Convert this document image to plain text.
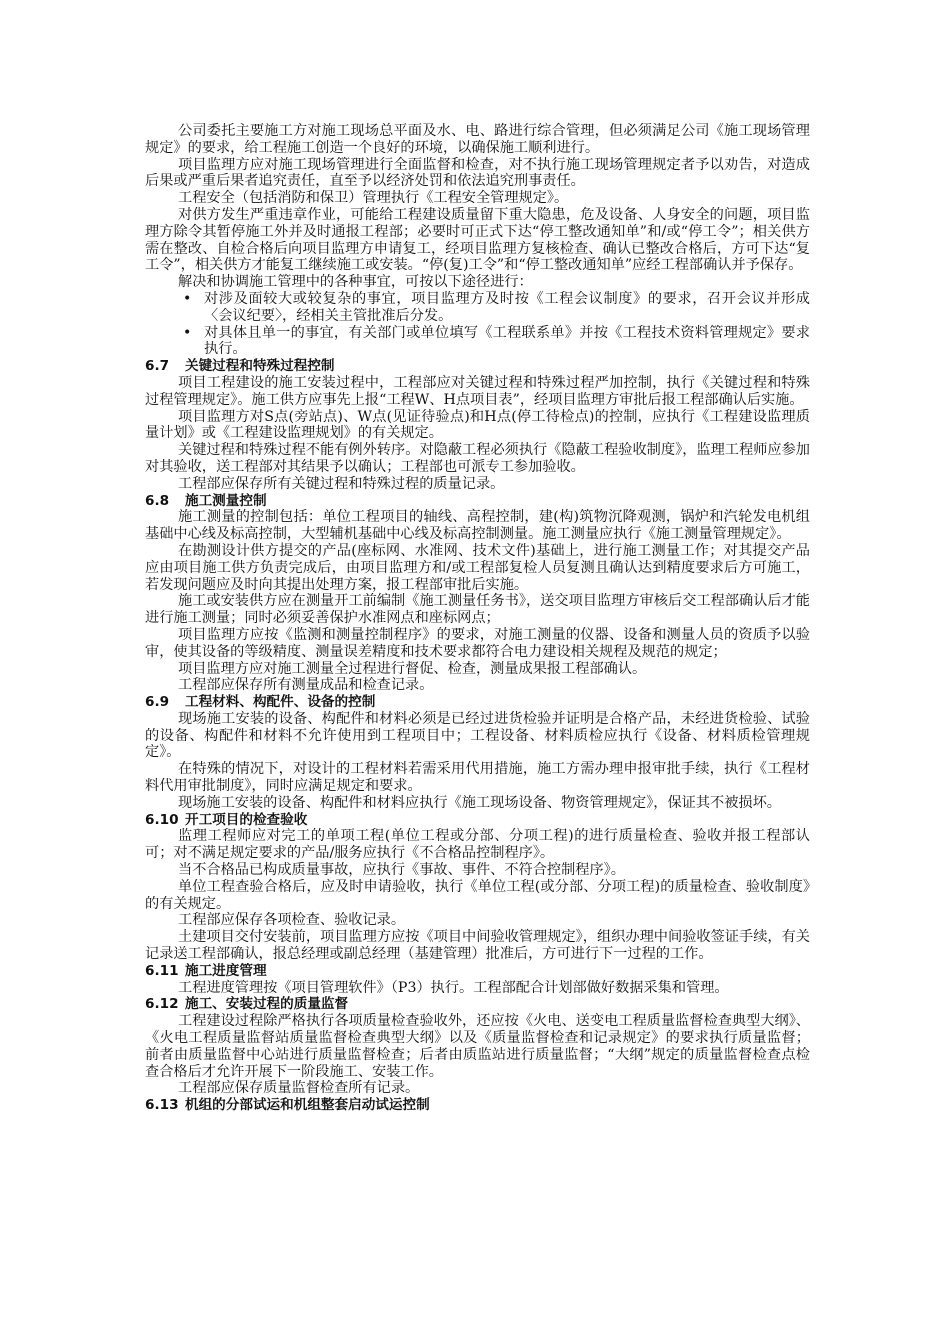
公司委托主要施工方对施工现场总平面及水、电、路进行综合管理，但必须满足公司《施工现场管理规定》的要求，给工程施工创造一个良好的环境，以确保施工顺利进行。

项目监理方应对施工现场管理进行全面监督和检查，对不执行施工现场管理规定者予以劝告，对造成后果或严重后果者追究责任，直至予以经济处罚和依法追究刑事责任。

工程安全（包括消防和保卫）管理执行《工程安全管理规定》。

对供方发生严重违章作业，可能给工程建设质量留下重大隐患，危及设备、人身安全的问题，项目监理方除令其暂停施工外并及时通报工程部；必要时可正式下达“停工整改通知单”和/或“停工令”；相关供方需在整改、自检合格后向项目监理方申请复工，经项目监理方复核检查、确认已整改合格后，方可下达“复工令”，相关供方才能复工继续施工或安装。“停(复)工令”和“停工整改通知单”应经工程部确认并予保存。

解决和协调施工管理中的各种事宜，可按以下途径进行：

• 对涉及面较大或较复杂的事宜，项目监理方及时按《工程会议制度》的要求，召开会议并形成〈会议纪要〉，经相关主管批准后分发。

• 对具体且单一的事宜，有关部门或单位填写《工程联系单》并按《工程技术资料管理规定》要求执行。

6.7 关键过程和特殊过程控制

项目工程建设的施工安装过程中，工程部应对关键过程和特殊过程严加控制，执行《关键过程和特殊过程管理规定》。施工供方应事先上报“工程W、H点项目表”，经项目监理方审批后报工程部确认后实施。

项目监理方对S点(旁站点)、W点(见证待验点)和H点(停工待检点)的控制，应执行《工程建设监理质量计划》或《工程建设监理规划》的有关规定。

关键过程和特殊过程不能有例外转序。对隐蔽工程必须执行《隐蔽工程验收制度》，监理工程师应参加对其验收，送工程部对其结果予以确认；工程部也可派专工参加验收。

工程部应保存所有关键过程和特殊过程的质量记录。

6.8 施工测量控制

施工测量的控制包括：单位工程项目的轴线、高程控制，建(构)筑物沉降观测，锅炉和汽轮发电机组基础中心线及标高控制，大型辅机基础中心线及标高控制测量。施工测量应执行《施工测量管理规定》。

在勘测设计供方提交的产品(座标网、水准网、技术文件)基础上，进行施工测量工作；对其提交产品应由项目施工供方负责完成后，由项目监理方和/或工程部复检人员复测且确认达到精度要求后方可施工，若发现问题应及时向其提出处理方案，报工程部审批后实施。

施工或安装供方应在测量开工前编制《施工测量任务书》，送交项目监理方审核后交工程部确认后才能进行施工测量；同时必须妥善保护水准网点和座标网点；

项目监理方应按《监测和测量控制程序》的要求，对施工测量的仪器、设备和测量人员的资质予以验审，使其设备的等级精度、测量误差精度和技术要求都符合电力建设相关规程及规范的规定；

项目监理方应对施工测量全过程进行督促、检查，测量成果报工程部确认。

工程部应保存所有测量成品和检查记录。

6.9 工程材料、构配件、设备的控制

现场施工安装的设备、构配件和材料必须是已经过进货检验并证明是合格产品，未经进货检验、试验的设备、构配件和材料不允许使用到工程项目中；工程设备、材料质检应执行《设备、材料质检管理规定》。

在特殊的情况下，对设计的工程材料若需采用代用措施，施工方需办理申报审批手续，执行《工程材料代用审批制度》，同时应满足规定和要求。

现场施工安装的设备、构配件和材料应执行《施工现场设备、物资管理规定》，保证其不被损坏。

6.10 开工项目的检查验收

监理工程师应对完工的单项工程(单位工程或分部、分项工程)的进行质量检查、验收并报工程部认可；对不满足规定要求的产品/服务应执行《不合格品控制程序》。

当不合格品已构成质量事故，应执行《事故、事件、不符合控制程序》。

单位工程查验合格后，应及时申请验收，执行《单位工程(或分部、分项工程)的质量检查、验收制度》的有关规定。

工程部应保存各项检查、验收记录。

土建项目交付安装前，项目监理方应按《项目中间验收管理规定》，组织办理中间验收签证手续，有关记录送工程部确认，报总经理或副总经理（基建管理）批准后，方可进行下一过程的工作。

6.11 施工进度管理

工程进度管理按《项目管理软件》（P3）执行。工程部配合计划部做好数据采集和管理。

6.12 施工、安装过程的质量监督

工程建设过程除严格执行各项质量检查验收外，还应按《火电、送变电工程质量监督检查典型大纲》、《火电工程质量监督站质量监督检查典型大纲》以及《质量监督检查和记录规定》的要求执行质量监督；前者由质量监督中心站进行质量监督检查；后者由质监站进行质量监督；“大纲”规定的质量监督检查点检查合格后才允许开展下一阶段施工、安装工作。

工程部应保存质量监督检查所有记录。

6.13 机组的分部试运和机组整套启动试运控制
